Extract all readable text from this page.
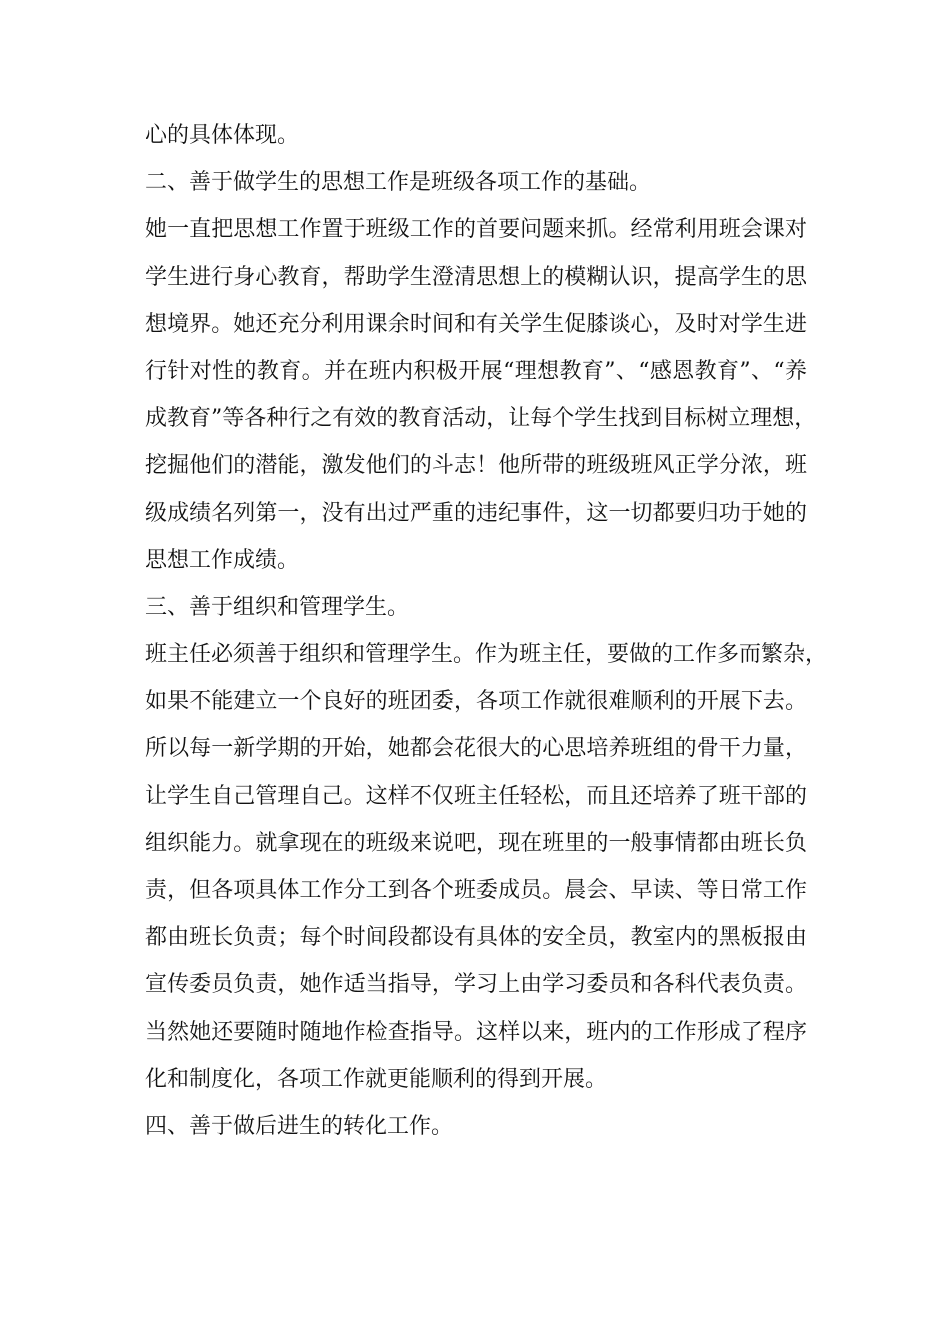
心的具体体现。
二、善于做学生的思想工作是班级各项工作的基础。
她一直把思想工作置于班级工作的首要问题来抓。经常利用班会课对
学生进行身心教育，帮助学生澄清思想上的模糊认识，提高学生的思
想境界。她还充分利用课余时间和有关学生促膝谈心，及时对学生进
行针对性的教育。并在班内积极开展“理想教育”、“感恩教育”、“养
成教育”等各种行之有效的教育活动，让每个学生找到目标树立理想，
挖掘他们的潜能，激发他们的斗志！他所带的班级班风正学分浓，班
级成绩名列第一，没有出过严重的违纪事件，这一切都要归功于她的
思想工作成绩。
三、善于组织和管理学生。
班主任必须善于组织和管理学生。作为班主任，要做的工作多而繁杂，
如果不能建立一个良好的班团委，各项工作就很难顺利的开展下去。
所以每一新学期的开始，她都会花很大的心思培养班组的骨干力量，
让学生自己管理自己。这样不仅班主任轻松，而且还培养了班干部的
组织能力。就拿现在的班级来说吧，现在班里的一般事情都由班长负
责，但各项具体工作分工到各个班委成员。晨会、早读、等日常工作
都由班长负责；每个时间段都设有具体的安全员，教室内的黑板报由
宣传委员负责，她作适当指导，学习上由学习委员和各科代表负责。
当然她还要随时随地作检查指导。这样以来，班内的工作形成了程序
化和制度化，各项工作就更能顺利的得到开展。
四、善于做后进生的转化工作。
